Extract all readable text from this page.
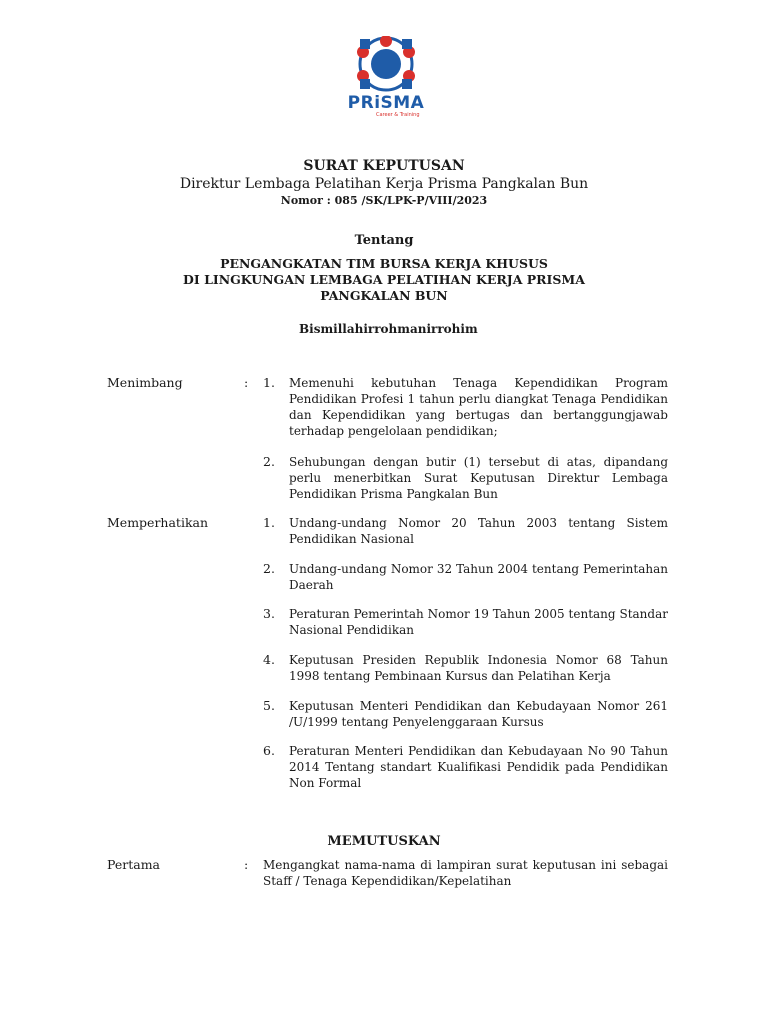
PRiSMA
Career & Training
SURAT KEPUTUSAN
Direktur Lembaga Pelatihan Kerja Prisma Pangkalan Bun
Nomor : 085 /SK/LPK-P/VIII/2023
Tentang
PENGANGKATAN TIM BURSA KERJA KHUSUS
DI LINGKUNGAN LEMBAGA PELATIHAN KERJA PRISMA
PANGKALAN BUN
Bismillahirrohmanirrohim
Menimbang	: 1. Memenuhi kebutuhan Tenaga Kependidikan Program Pendidikan Profesi 1 tahun perlu diangkat Tenaga Pendidikan dan Kependidikan yang bertugas dan bertanggungjawab terhadap pengelolaan pendidikan;
2. Sehubungan dengan butir (1) tersebut di atas, dipandang perlu menerbitkan Surat Keputusan Direktur Lembaga Pendidikan Prisma Pangkalan Bun
Memperhatikan	1. Undang-undang Nomor 20 Tahun 2003 tentang Sistem Pendidikan Nasional
2. Undang-undang Nomor 32 Tahun 2004 tentang Pemerintahan Daerah
3. Peraturan Pemerintah Nomor 19 Tahun 2005 tentang Standar Nasional Pendidikan
4. Keputusan Presiden Republik Indonesia Nomor 68 Tahun 1998 tentang Pembinaan Kursus dan Pelatihan Kerja
5. Keputusan Menteri Pendidikan dan Kebudayaan Nomor 261 /U/1999 tentang Penyelenggaraan Kursus
6. Peraturan Menteri Pendidikan dan Kebudayaan No 90 Tahun 2014 Tentang standart Kualifikasi Pendidik pada Pendidikan Non Formal
MEMUTUSKAN
Pertama	: Mengangkat nama-nama di lampiran surat keputusan ini sebagai Staff / Tenaga Kependidikan/Kepelatihan
